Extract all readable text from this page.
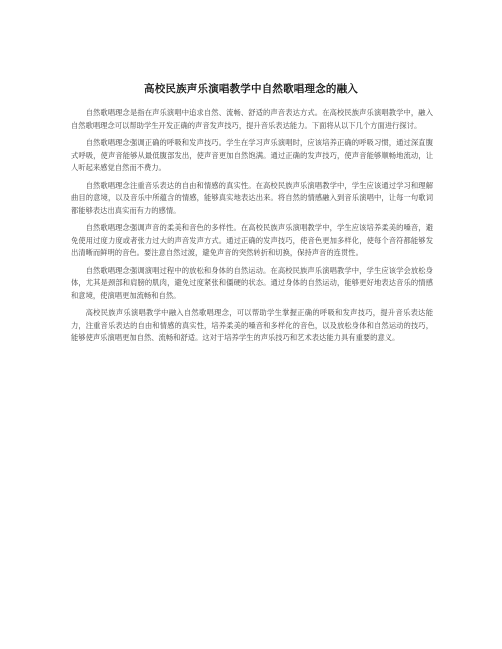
高校民族声乐演唱教学中自然歌唱理念的融入

自然歌唱理念是指在声乐演唱中追求自然、流畅、舒适的声音表达方式。在高校民族声乐演唱教学中，融入自然歌唱理念可以帮助学生开发正确的声音发声技巧，提升音乐表达能力。下面将从以下几个方面进行探讨。

自然歌唱理念强调正确的呼吸和发声技巧。学生在学习声乐演唱时，应该培养正确的呼吸习惯，通过深直腹式呼吸，使声音能够从最低腹部发出，使声音更加自然饱满。通过正确的发声技巧，使声音能够顺畅地流动，让人听起来感觉自然而不费力。

自然歌唱理念注重音乐表达的自由和情感的真实性。在高校民族声乐演唱教学中，学生应该通过学习和理解曲目的意境，以及音乐中所蕴含的情感，能够真实地表达出来。将自然的情感融入到音乐演唱中，让每一句歌词都能够表达出真实而有力的感情。

自然歌唱理念强调声音的柔美和音色的多样性。在高校民族声乐演唱教学中，学生应该培养柔美的嗓音，避免使用过度力度或者张力过大的声音发声方式。通过正确的发声技巧，使音色更加多样化，使每个音符都能够发出清晰而鲜明的音色。要注意自然过渡，避免声音的突然转折和切换，保持声音的连贯性。

自然歌唱理念强调演唱过程中的放松和身体的自然运动。在高校民族声乐演唱教学中，学生应该学会放松身体，尤其是颈部和肩膀的肌肉，避免过度紧张和僵硬的状态。通过身体的自然运动，能够更好地表达音乐的情感和意境，使演唱更加流畅和自然。

高校民族声乐演唱教学中融入自然歌唱理念，可以帮助学生掌握正确的呼吸和发声技巧，提升音乐表达能力，注重音乐表达的自由和情感的真实性，培养柔美的嗓音和多样化的音色，以及放松身体和自然运动的技巧，能够使声乐演唱更加自然、流畅和舒适。这对于培养学生的声乐技巧和艺术表达能力具有重要的意义。
